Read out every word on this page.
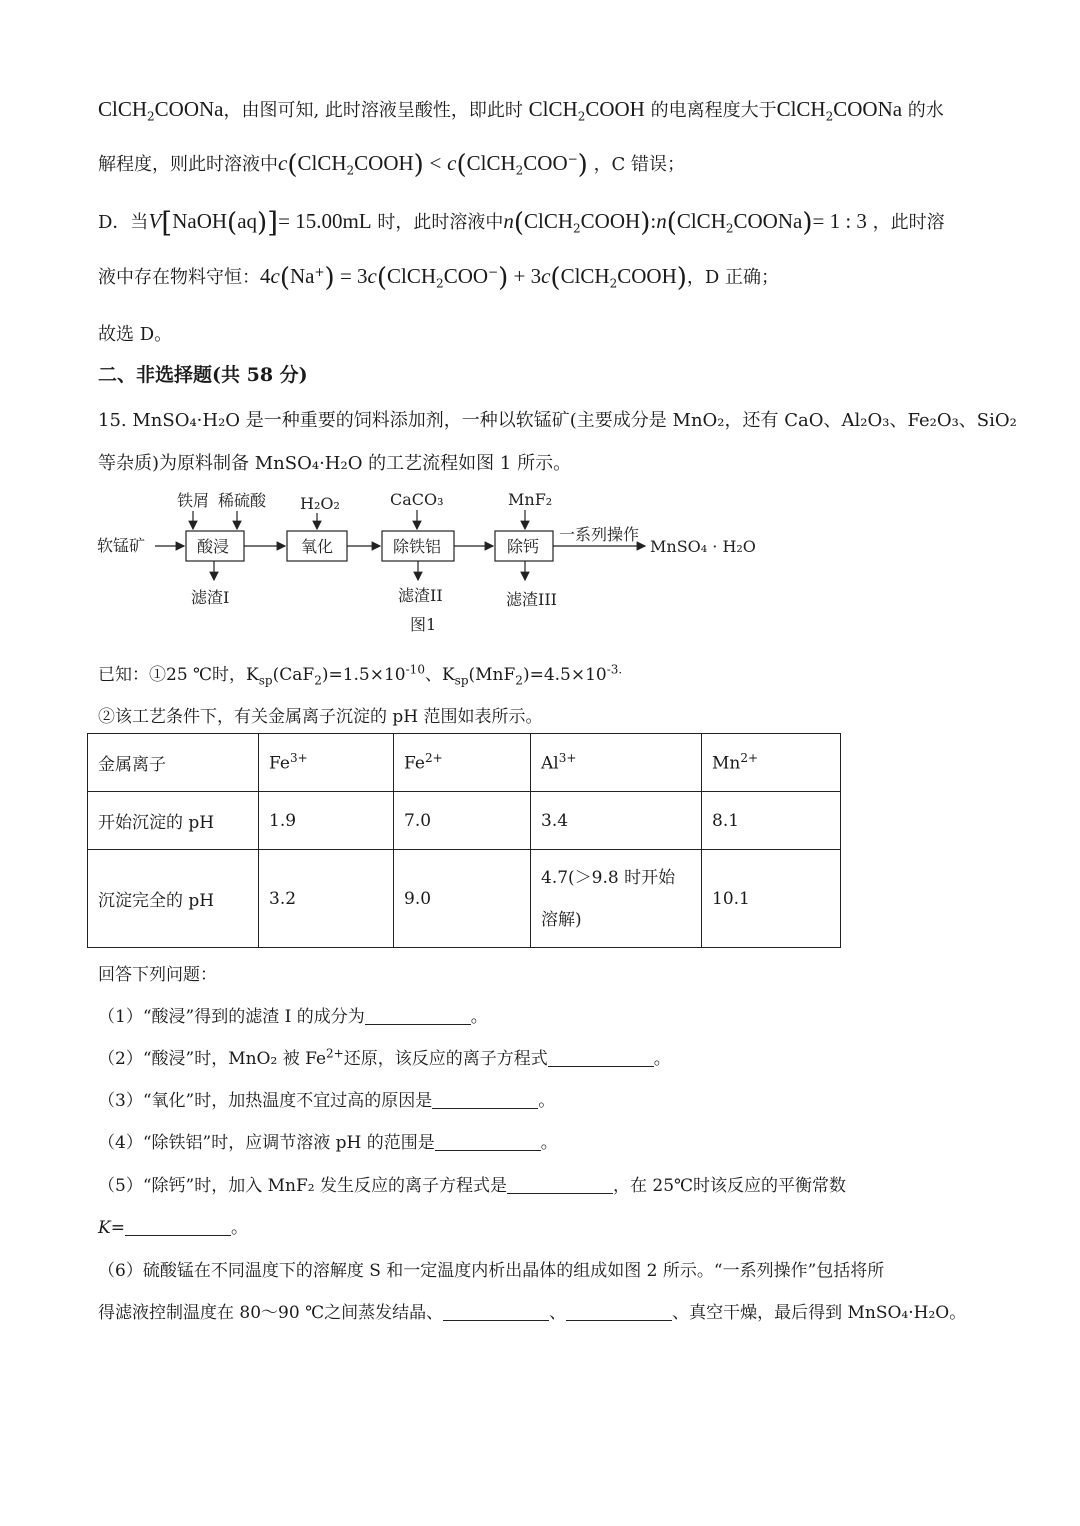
ClCH$_2$COONa，由图可知, 此时溶液呈酸性，即此时 ClCH$_2$COOH 的电离程度大于ClCH$_2$COONa 的水
解程度，则此时溶液中c(ClCH$_2$COOH) < c(ClCH$_2$COO−) ，C 错误；
D．当V[NaOH(aq)]= 15.00mL 时，此时溶液中n(ClCH$_2$COOH):n(ClCH$_2$COONa)= 1 : 3 ，此时溶
液中存在物料守恒：4c(Na+) = 3c(ClCH$_2$COO−) + 3c(ClCH$_2$COOH)，D 正确；
故选 D。
二、非选择题(共 58 分)
15. MnSO₄·H₂O 是一种重要的饲料添加剂，一种以软锰矿(主要成分是 MnO₂，还有 CaO、Al₂O₃、Fe₂O₃、SiO₂
等杂质)为原料制备 MnSO₄·H₂O 的工艺流程如图 1 所示。
软锰矿	酸浸	氧化	除铁铝	除钙
一系列操作
MnSO₄ · H₂O
铁屑 稀硫酸 H₂O₂	CaCO₃	MnF₂
滤渣I	滤渣II	滤渣III
图1
已知：①25 ℃时，$K_{sp}(CaF_2)=1.5\times 10^{-10}$、$K_{sp}(MnF_2)=4.5\times 10^{-3.}$
②该工艺条件下，有关金属离子沉淀的 pH 范围如表所示。
金属离子	$Fe^{3+}$	$Fe^{2+}$	$Al^{3+}$	$Mn^{2+}$
开始沉淀的 pH	1.9	7.0	3.4	8.1
沉淀完全的 pH	3.2	9.0	4.7(＞9.8 时开始
溶解)	10.1
回答下列问题：
（1）“酸浸”得到的滤渣 I 的成分为	。
（2）“酸浸”时，MnO₂ 被 $Fe^{2+}$还原，该反应的离子方程式	。
（3）“氧化”时，加热温度不宜过高的原因是	。
（4）“除铁铝”时，应调节溶液 pH 的范围是	。
（5）“除钙”时，加入 MnF₂ 发生反应的离子方程式是	，在 25℃时该反应的平衡常数
K=	。
（6）硫酸锰在不同温度下的溶解度 S 和一定温度内析出晶体的组成如图 2 所示。“一系列操作”包括将所
得滤液控制温度在 80～90 ℃之间蒸发结晶、	、	、真空干燥，最后得到 MnSO₄·H₂O。
